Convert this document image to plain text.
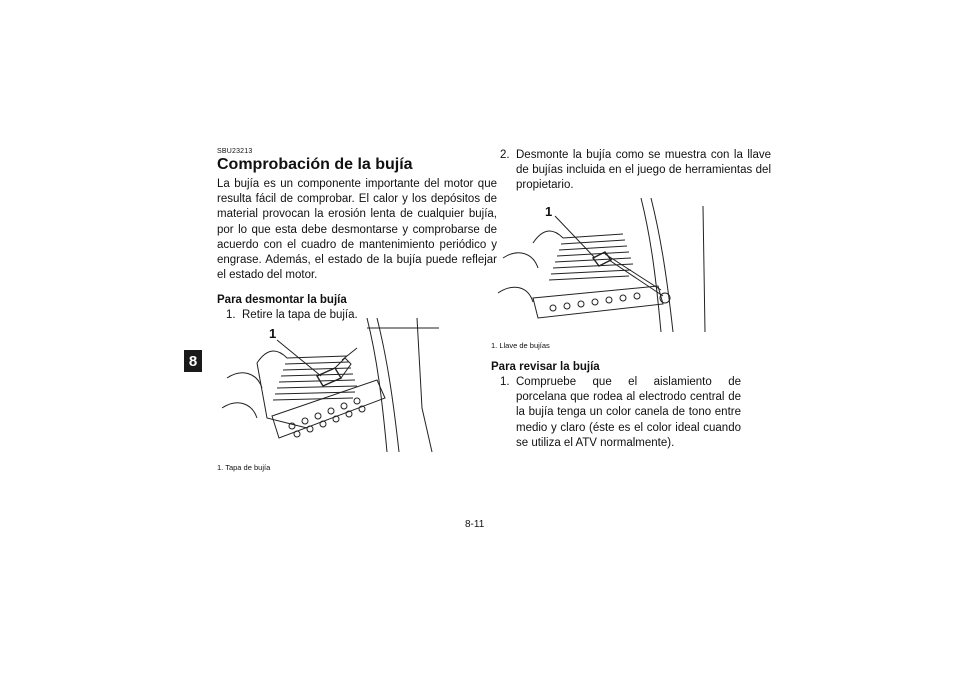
8

SBU23213

Comprobación de la bujía

La bujía es un componente importante del motor que resulta fácil de comprobar. El calor y los depósitos de material provocan la erosión lenta de cualquier bujía, por lo que esta debe desmontarse y comprobarse de acuerdo con el cuadro de mantenimiento periódico y engrase. Además, el estado de la bujía puede reflejar el estado del motor.

Para desmontar la bujía

1. Retire la tapa de bujía.
1
1. Tapa de bujía
2. Desmonte la bujía como se muestra con la llave de bujías incluida en el juego de herramientas del propietario.
1
1. Llave de bujías

Para revisar la bujía

1. Compruebe que el aislamiento de porcelana que rodea al electrodo central de la bujía tenga un color canela de tono entre medio y claro (éste es el color ideal cuando se utiliza el ATV normalmente).
8-11
